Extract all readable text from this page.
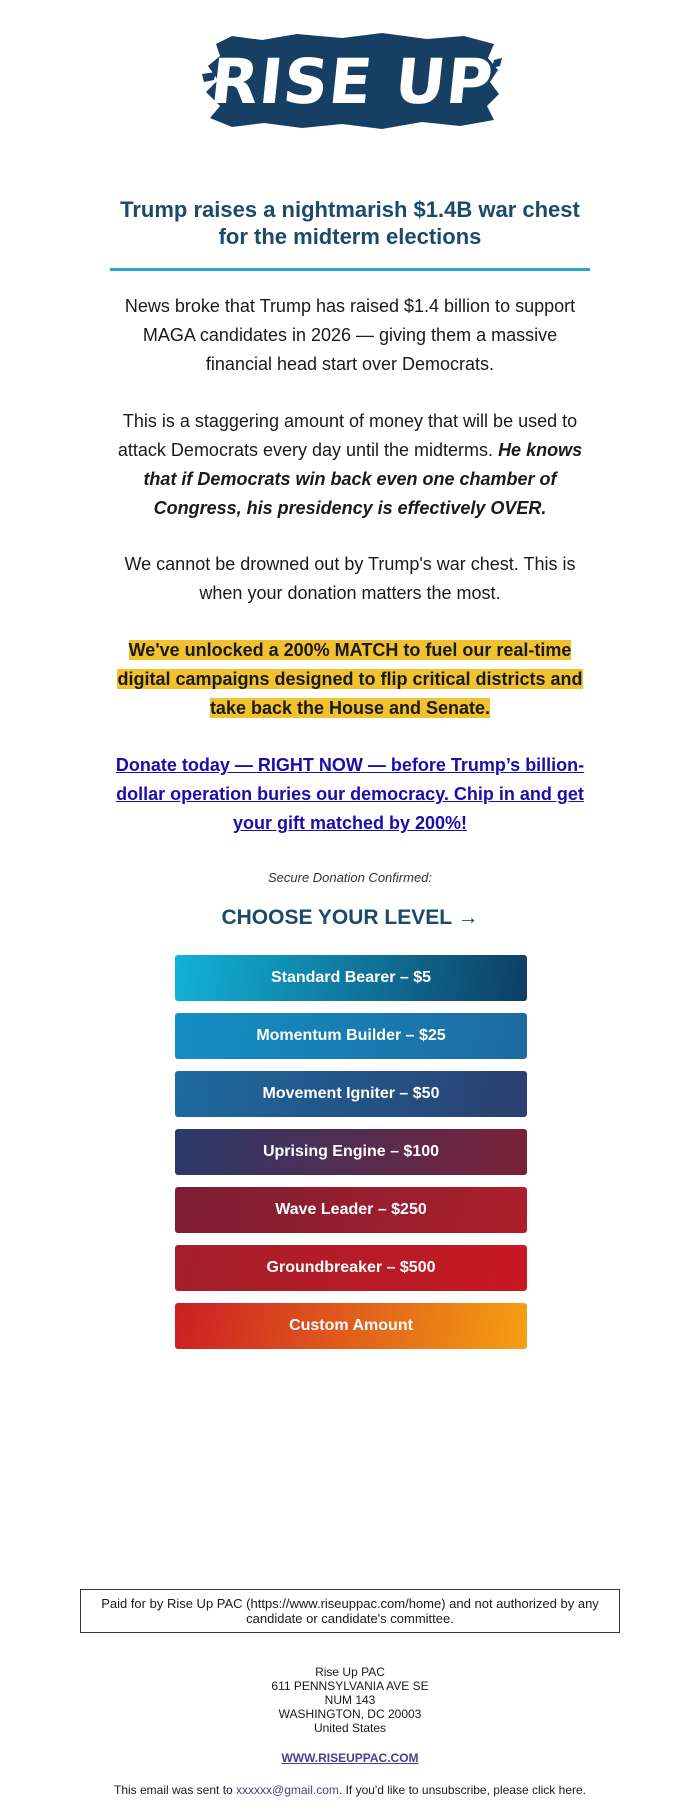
RISE UP
Trump raises a nightmarish $1.4B war chest for the midterm elections

News broke that Trump has raised $1.4 billion to support MAGA candidates in 2026 — giving them a massive financial head start over Democrats.

This is a staggering amount of money that will be used to attack Democrats every day until the midterms. He knows that if Democrats win back even one chamber of Congress, his presidency is effectively OVER.

We cannot be drowned out by Trump's war chest. This is when your donation matters the most.

We've unlocked a 200% MATCH to fuel our real-time digital campaigns designed to flip critical districts and take back the House and Senate.

Donate today — RIGHT NOW — before Trump’s billion-dollar operation buries our democracy. Chip in and get your gift matched by 200%!

Secure Donation Confirmed:
CHOOSE YOUR LEVEL →
Standard Bearer – $5
Momentum Builder – $25
Movement Igniter – $50
Uprising Engine – $100
Wave Leader – $250
Groundbreaker – $500
Custom Amount
Paid for by Rise Up PAC (https://www.riseuppac.com/home) and not authorized by any candidate or candidate's committee.
Rise Up PAC
611 PENNSYLVANIA AVE SE
NUM 143
WASHINGTON, DC 20003
United States
WWW.RISEUPPAC.COM
This email was sent to xxxxxx@gmail.com. If you'd like to unsubscribe, please click here.
